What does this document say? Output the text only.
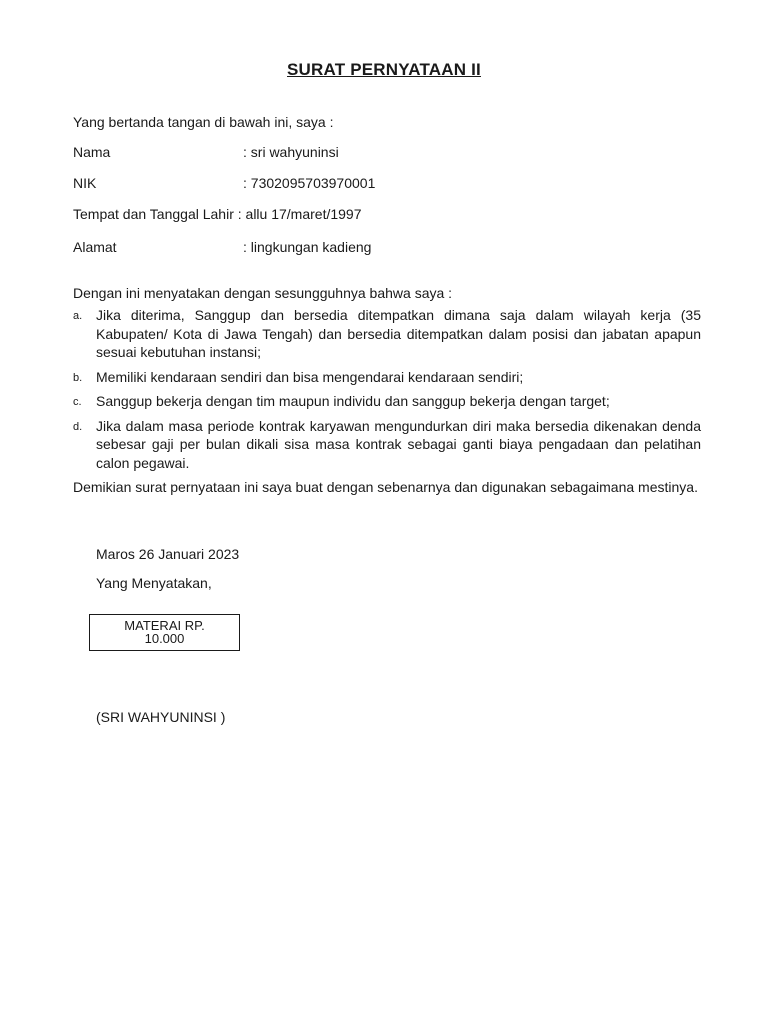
SURAT PERNYATAAN II
Yang bertanda tangan di bawah ini, saya :
Nama	: sri wahyuninsi
NIK	: 7302095703970001
Tempat dan Tanggal Lahir : allu 17/maret/1997
Alamat	: lingkungan kadieng
Dengan ini menyatakan dengan sesungguhnya bahwa saya :
a. Jika diterima, Sanggup dan bersedia ditempatkan dimana saja dalam wilayah kerja (35 Kabupaten/ Kota di Jawa Tengah) dan bersedia ditempatkan dalam posisi dan jabatan apapun sesuai kebutuhan instansi;
b. Memiliki kendaraan sendiri dan bisa mengendarai kendaraan sendiri;
c. Sanggup bekerja dengan tim maupun individu dan sanggup bekerja dengan target;
d. Jika dalam masa periode kontrak karyawan mengundurkan diri maka bersedia dikenakan denda sebesar gaji per bulan dikali sisa masa kontrak sebagai ganti biaya pengadaan dan pelatihan calon pegawai.
Demikian surat pernyataan ini saya buat dengan sebenarnya dan digunakan sebagaimana mestinya.
Maros 26 Januari 2023
Yang Menyatakan,
MATERAI RP.
10.000
(SRI WAHYUNINSI )
